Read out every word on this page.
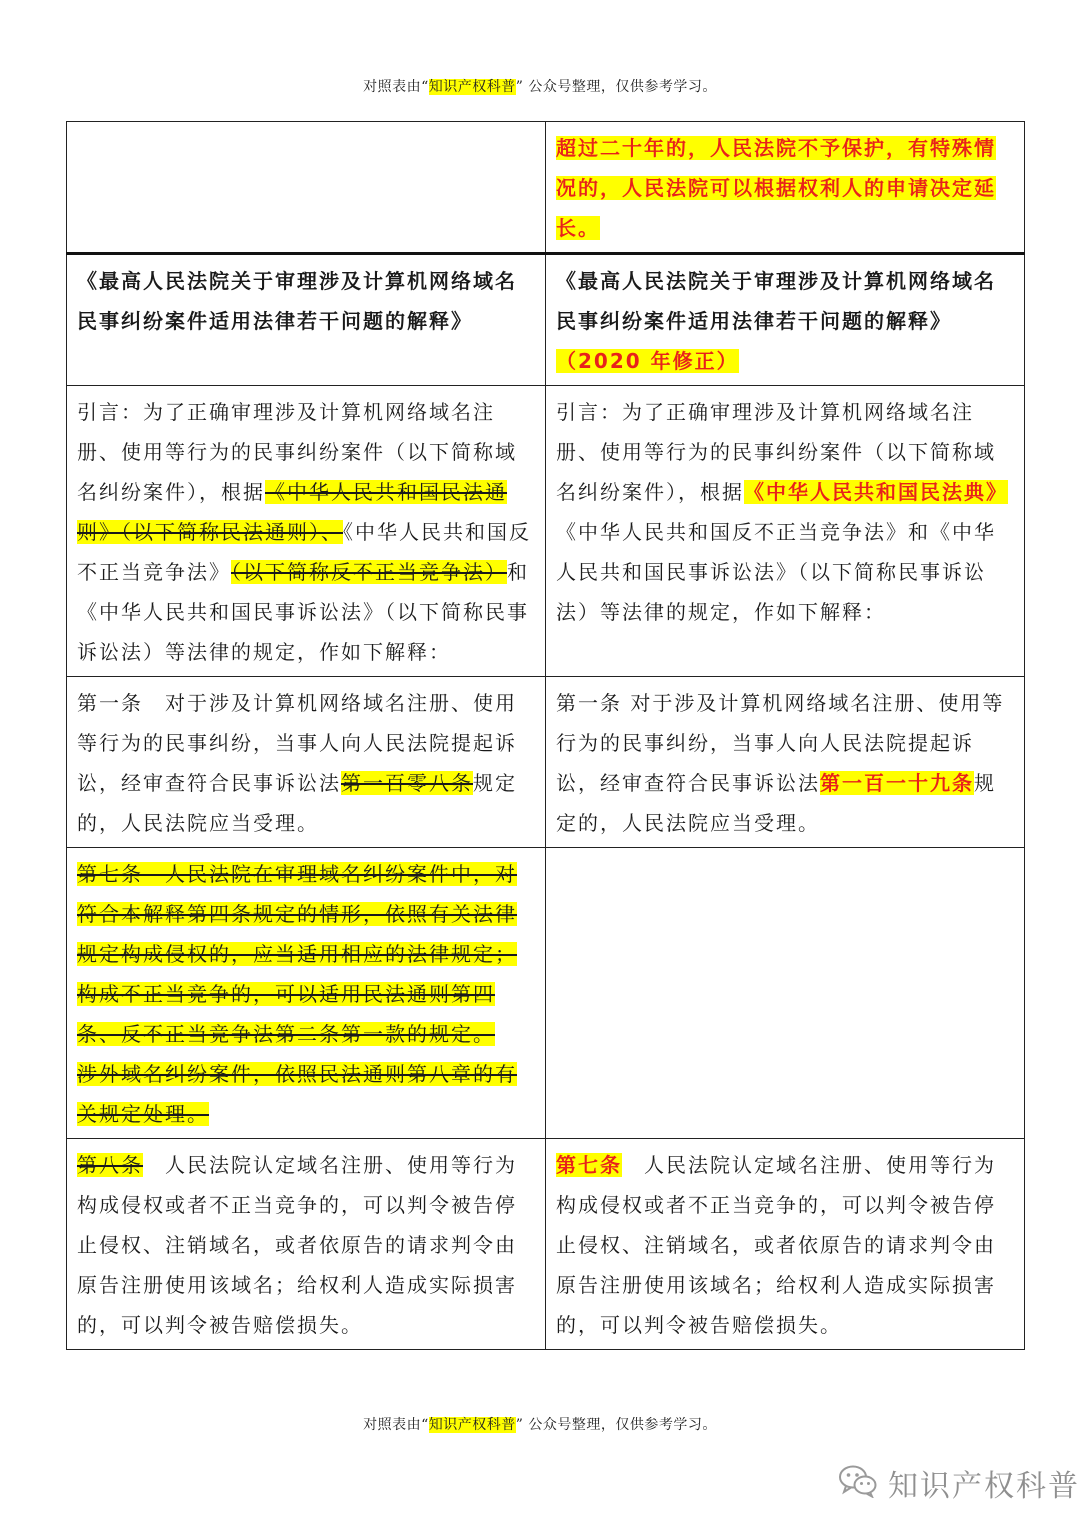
对照表由“知识产权科普” 公众号整理，仅供参考学习。
	超过二十年的，人民法院不予保护，有特殊情况的，人民法院可以根据权利人的申请决定延长。
《最高人民法院关于审理涉及计算机网络域名民事纠纷案件适用法律若干问题的解释》	《最高人民法院关于审理涉及计算机网络域名民事纠纷案件适用法律若干问题的解释》
（2020 年修正）
引言：为了正确审理涉及计算机网络域名注册、使用等行为的民事纠纷案件（以下简称域名纠纷案件），根据《中华人民共和国民法通则》（以下简称民法通则）、《中华人民共和国反不正当竞争法》（以下简称反不正当竞争法）和《中华人民共和国民事诉讼法》（以下简称民事诉讼法）等法律的规定，作如下解释：	引言：为了正确审理涉及计算机网络域名注册、使用等行为的民事纠纷案件（以下简称域名纠纷案件），根据《中华人民共和国民法典》《中华人民共和国反不正当竞争法》和《中华人民共和国民事诉讼法》（以下简称民事诉讼法）等法律的规定，作如下解释：
第一条 对于涉及计算机网络域名注册、使用等行为的民事纠纷，当事人向人民法院提起诉讼，经审查符合民事诉讼法第一百零八条规定的，人民法院应当受理。	第一条 对于涉及计算机网络域名注册、使用等行为的民事纠纷，当事人向人民法院提起诉讼，经审查符合民事诉讼法第一百一十九条规定的，人民法院应当受理。
第七条　人民法院在审理域名纠纷案件中，对符合本解释第四条规定的情形，依照有关法律规定构成侵权的，应当适用相应的法律规定；构成不正当竞争的，可以适用民法通则第四条、反不正当竞争法第二条第一款的规定。
涉外域名纠纷案件，依照民法通则第八章的有关规定处理。	
第八条 人民法院认定域名注册、使用等行为构成侵权或者不正当竞争的，可以判令被告停止侵权、注销域名，或者依原告的请求判令由原告注册使用该域名；给权利人造成实际损害的，可以判令被告赔偿损失。	第七条 人民法院认定域名注册、使用等行为构成侵权或者不正当竞争的，可以判令被告停止侵权、注销域名，或者依原告的请求判令由原告注册使用该域名；给权利人造成实际损害的，可以判令被告赔偿损失。
对照表由“知识产权科普” 公众号整理，仅供参考学习。
知识产权科普
